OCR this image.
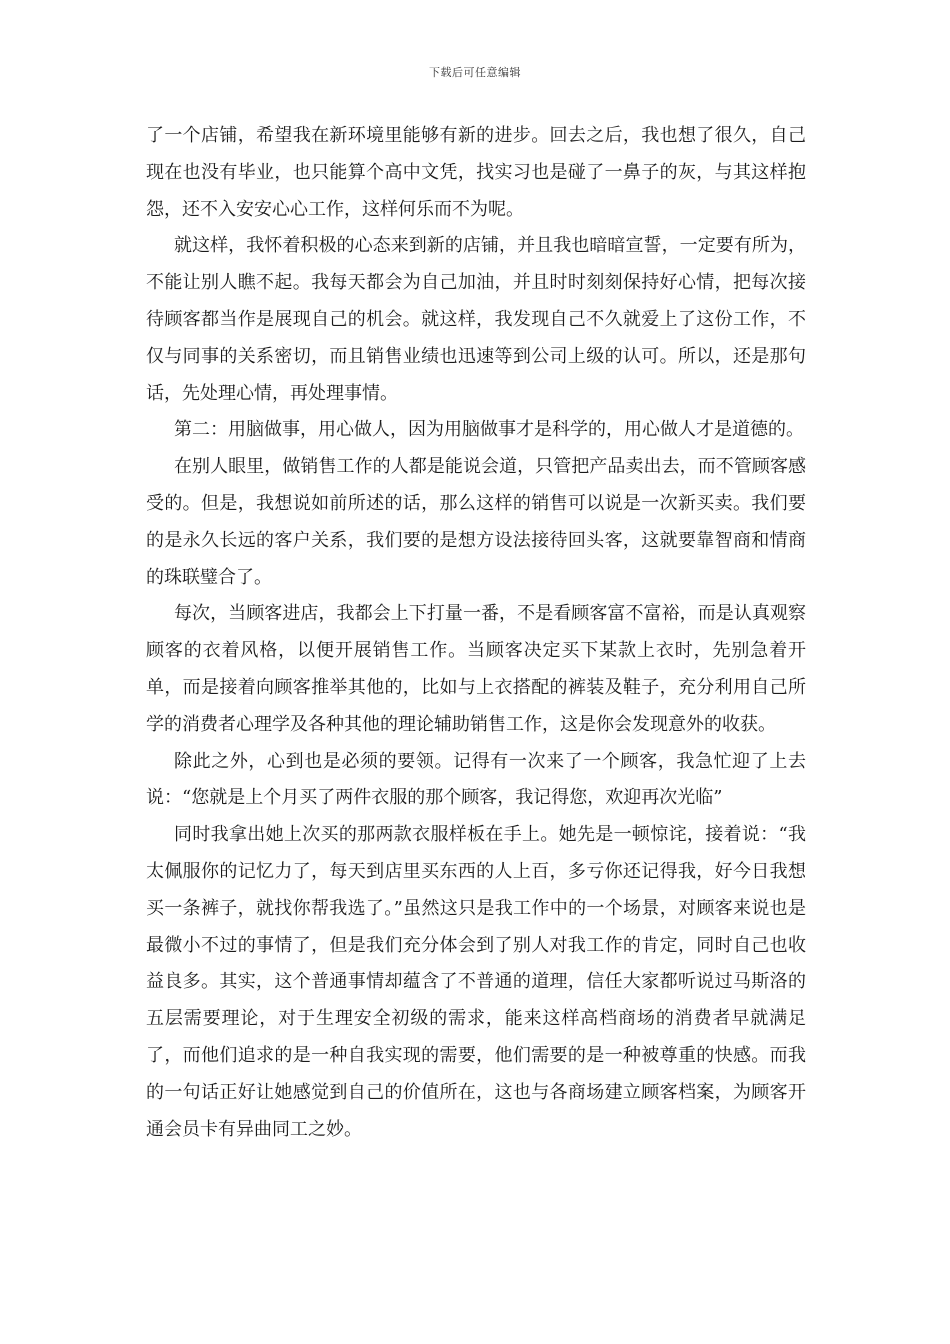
下载后可任意编辑

了一个店铺，希望我在新环境里能够有新的进步。回去之后，我也想了很久，自己现在也没有毕业，也只能算个高中文凭，找实习也是碰了一鼻子的灰，与其这样抱怨，还不入安安心心工作，这样何乐而不为呢。

就这样，我怀着积极的心态来到新的店铺，并且我也暗暗宣誓，一定要有所为，不能让别人瞧不起。我每天都会为自己加油，并且时时刻刻保持好心情，把每次接待顾客都当作是展现自己的机会。就这样，我发现自己不久就爱上了这份工作，不仅与同事的关系密切，而且销售业绩也迅速等到公司上级的认可。所以，还是那句话，先处理心情，再处理事情。

第二：用脑做事，用心做人，因为用脑做事才是科学的，用心做人才是道德的。

在别人眼里，做销售工作的人都是能说会道，只管把产品卖出去，而不管顾客感受的。但是，我想说如前所述的话，那么这样的销售可以说是一次新买卖。我们要的是永久长远的客户关系，我们要的是想方设法接待回头客，这就要靠智商和情商的珠联璧合了。

每次，当顾客进店，我都会上下打量一番，不是看顾客富不富裕，而是认真观察顾客的衣着风格，以便开展销售工作。当顾客决定买下某款上衣时，先别急着开单，而是接着向顾客推举其他的，比如与上衣搭配的裤装及鞋子，充分利用自己所学的消费者心理学及各种其他的理论辅助销售工作，这是你会发现意外的收获。

除此之外，心到也是必须的要领。记得有一次来了一个顾客，我急忙迎了上去说：“您就是上个月买了两件衣服的那个顾客，我记得您，欢迎再次光临”

同时我拿出她上次买的那两款衣服样板在手上。她先是一顿惊诧，接着说：“我太佩服你的记忆力了，每天到店里买东西的人上百，多亏你还记得我，好今日我想买一条裤子，就找你帮我选了。”虽然这只是我工作中的一个场景，对顾客来说也是最微小不过的事情了，但是我们充分体会到了别人对我工作的肯定，同时自己也收益良多。其实，这个普通事情却蕴含了不普通的道理，信任大家都听说过马斯洛的五层需要理论，对于生理安全初级的需求，能来这样高档商场的消费者早就满足了，而他们追求的是一种自我实现的需要，他们需要的是一种被尊重的快感。而我的一句话正好让她感觉到自己的价值所在，这也与各商场建立顾客档案，为顾客开通会员卡有异曲同工之妙。
